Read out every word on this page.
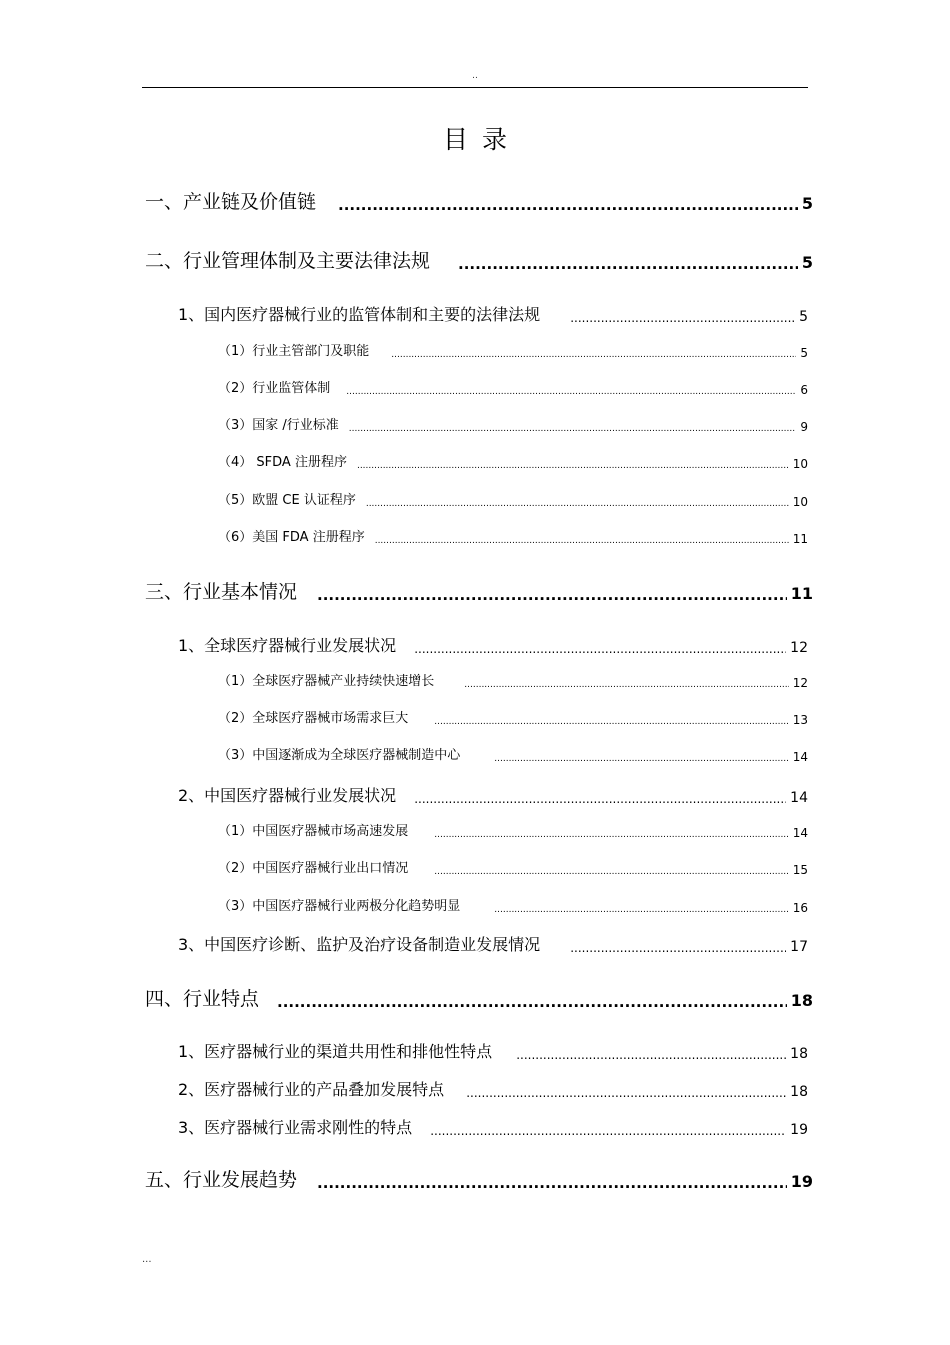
..
目录
一、产业链及价值链 .....	5
二、行业管理体制及主要法律法规 .....	5
1、国内医疗器械行业的监管体制和主要的法律法规 .....	5
（1）行业主管部门及职能 .....	5
（2）行业监管体制 .....	6
（3）国家 /行业标准 .....	9
（4） SFDA 注册程序 .....	10
（5）欧盟 CE 认证程序 .....	10
（6）美国 FDA 注册程序 .....	11
三、行业基本情况 .....	11
1、全球医疗器械行业发展状况 .....	12
（1）全球医疗器械产业持续快速增长 .....	12
（2）全球医疗器械市场需求巨大 .....	13
（3）中国逐渐成为全球医疗器械制造中心 .....	14
2、中国医疗器械行业发展状况 .....	14
（1）中国医疗器械市场高速发展 .....	14
（2）中国医疗器械行业出口情况 .....	15
（3）中国医疗器械行业两极分化趋势明显 .....	16
3、中国医疗诊断、监护及治疗设备制造业发展情况 .....	17
四、行业特点 .....	18
1、医疗器械行业的渠道共用性和排他性特点 .....	18
2、医疗器械行业的产品叠加发展特点 .....	18
3、医疗器械行业需求刚性的特点 .....	19
五、行业发展趋势 .....	19
...
